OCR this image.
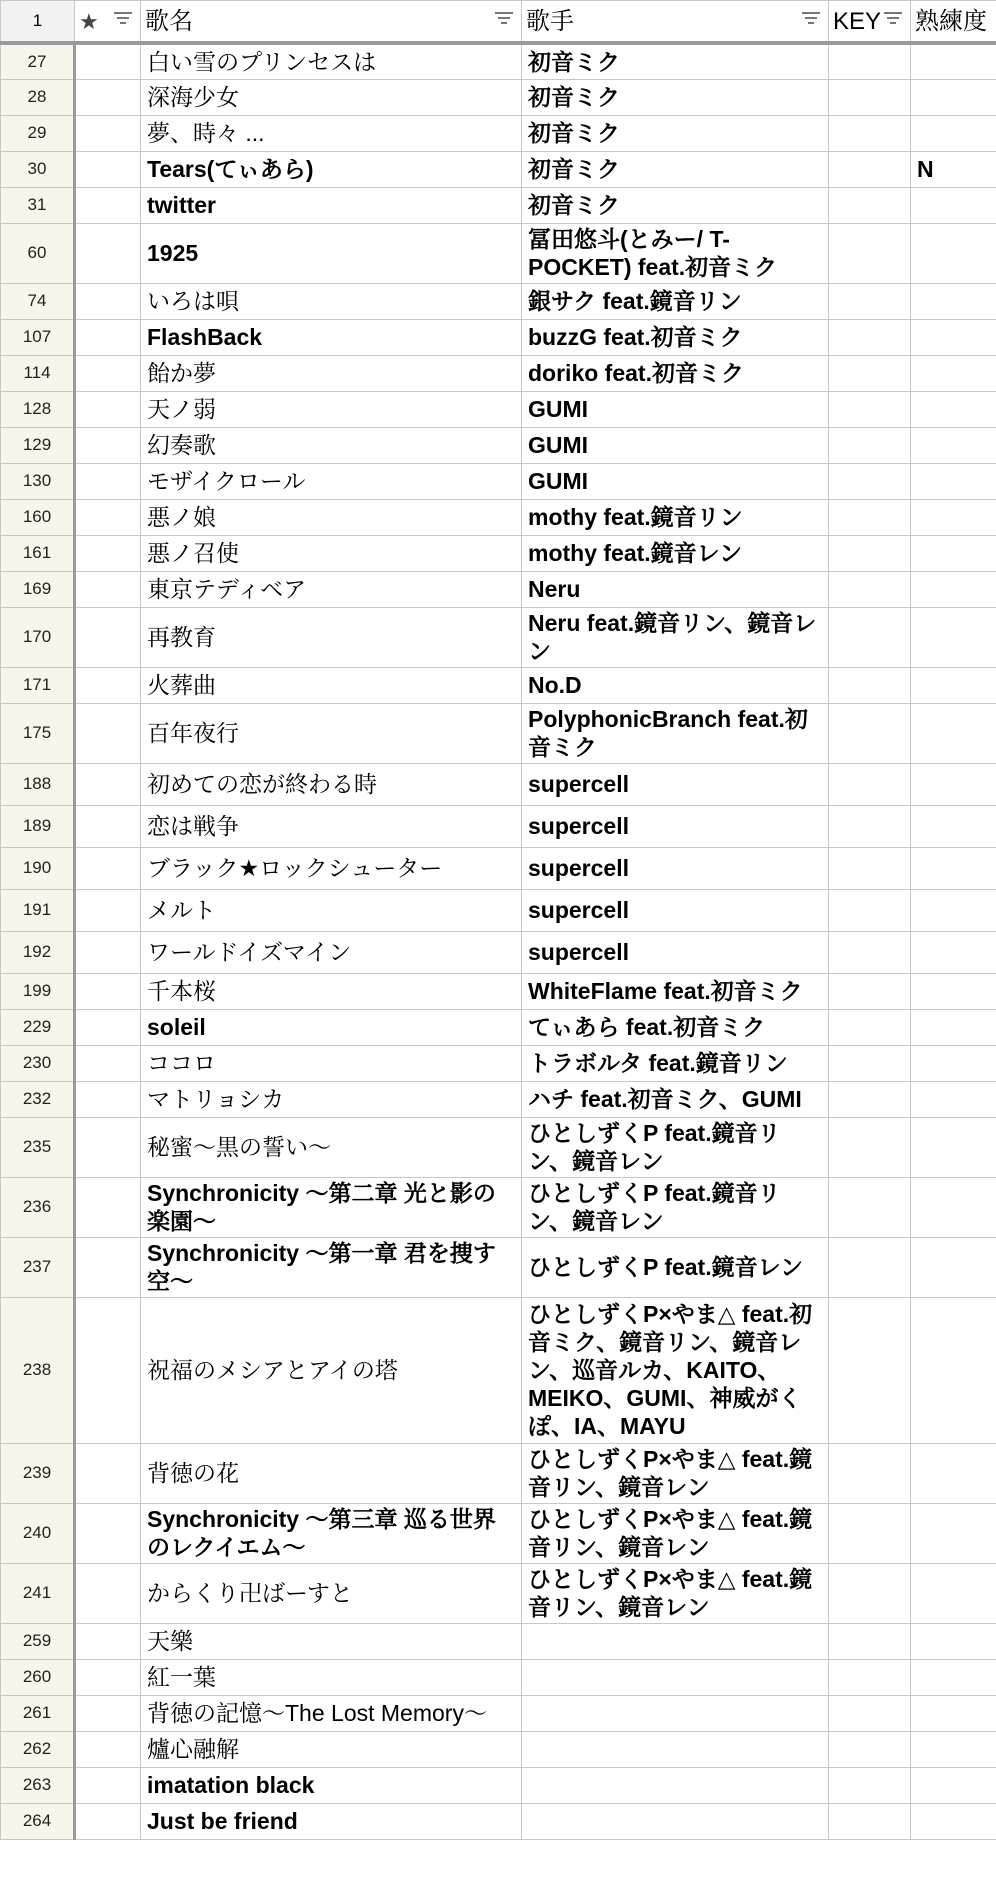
1	★	歌名	歌手	KEY	熟練度
27		白い雪のプリンセスは	初音ミク		
28		深海少女	初音ミク		
29		夢、時々 ...	初音ミク		
30		Tears(てぃあら)	初音ミク		N
31		twitter	初音ミク		
60		1925	冨田悠斗(とみー/ T-POCKET) feat.初音ミク		
74		いろは唄	銀サク feat.鏡音リン		
107		FlashBack	buzzG feat.初音ミク		
114		飴か夢	doriko feat.初音ミク		
128		天ノ弱	GUMI		
129		幻奏歌	GUMI		
130		モザイクロール	GUMI		
160		悪ノ娘	mothy feat.鏡音リン		
161		悪ノ召使	mothy feat.鏡音レン		
169		東京テディベア	Neru		
170		再教育	Neru feat.鏡音リン、鏡音レン		
171		火葬曲	No.D		
175		百年夜行	PolyphonicBranch feat.初音ミク		
188		初めての恋が終わる時	supercell		
189		恋は戦争	supercell		
190		ブラック★ロックシューター	supercell		
191		メルト	supercell		
192		ワールドイズマイン	supercell		
199		千本桜	WhiteFlame feat.初音ミク		
229		soleil	てぃあら feat.初音ミク		
230		ココロ	トラボルタ feat.鏡音リン		
232		マトリョシカ	ハチ feat.初音ミク、GUMI		
235		秘蜜〜黒の誓い〜	ひとしずくP feat.鏡音リン、鏡音レン		
236		Synchronicity 〜第二章 光と影の楽園〜	ひとしずくP feat.鏡音リン、鏡音レン		
237		Synchronicity 〜第一章 君を捜す空〜	ひとしずくP feat.鏡音レン		
238		祝福のメシアとアイの塔	ひとしずくP×やま△ feat.初音ミク、鏡音リン、鏡音レン、巡音ルカ、KAITO、MEIKO、GUMI、神威がくぽ、IA、MAYU		
239		背徳の花	ひとしずくP×やま△ feat.鏡音リン、鏡音レン		
240		Synchronicity 〜第三章 巡る世界のレクイエム〜	ひとしずくP×やま△ feat.鏡音リン、鏡音レン		
241		からくり卍ばーすと	ひとしずくP×やま△ feat.鏡音リン、鏡音レン		
259		天樂			
260		紅一葉			
261		背徳の記憶〜The Lost Memory〜			
262		爐心融解			
263		imatation black			
264		Just be friend			
